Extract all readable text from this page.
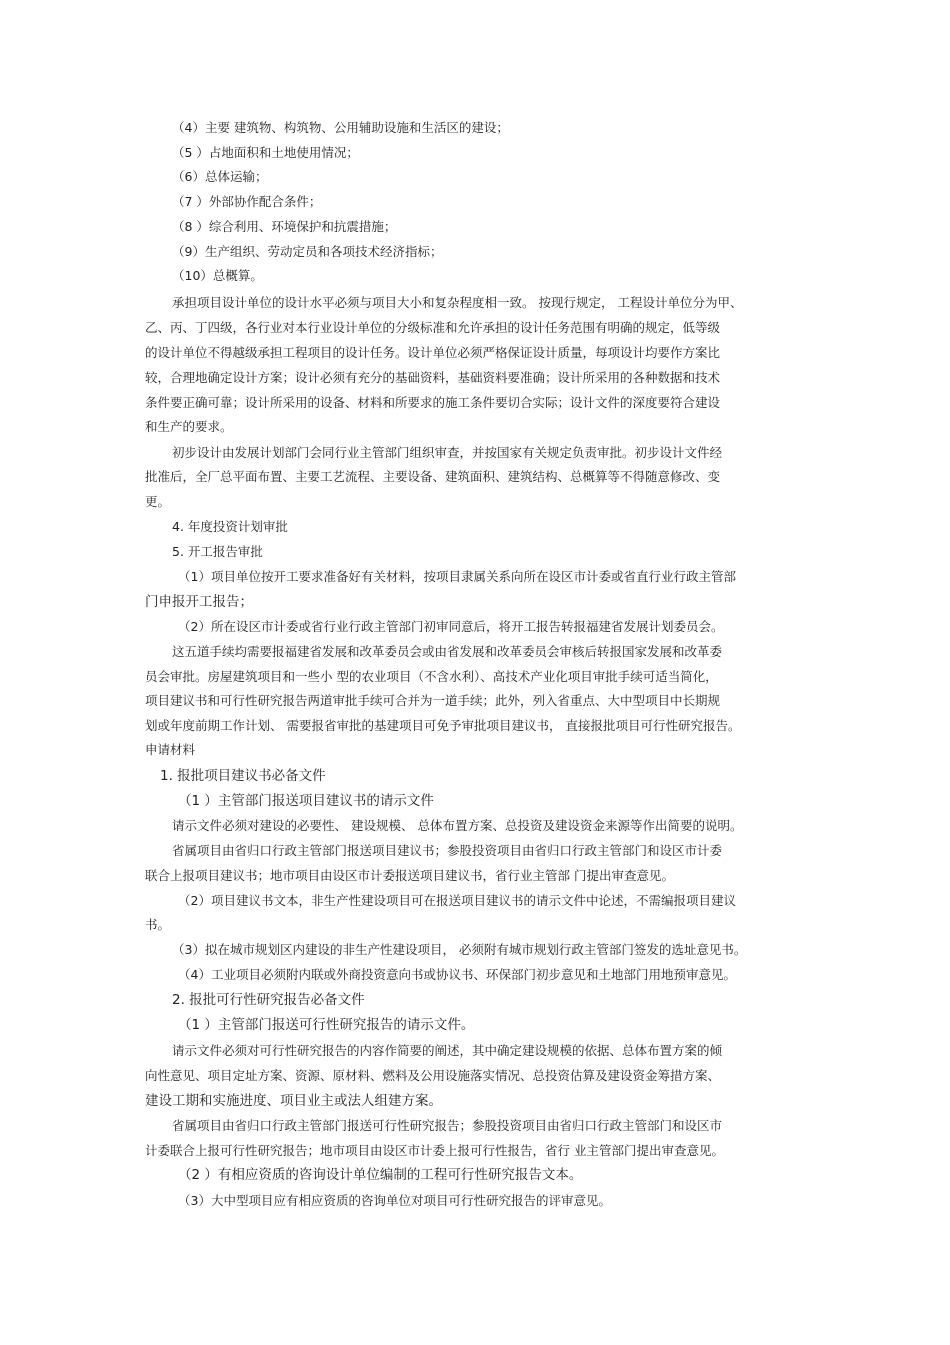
（4）主要 建筑物、构筑物、公用辅助设施和生活区的建设；
（5 ）占地面积和土地使用情况；
（6）总体运输；
（7 ）外部协作配合条件；
（8 ）综合利用、环境保护和抗震措施；
（9）生产组织、劳动定员和各项技术经济指标；
（10）总概算。
承担项目设计单位的设计水平必须与项目大小和复杂程度相一致。 按现行规定， 工程设计单位分为甲、
乙、丙、丁四级，各行业对本行业设计单位的分级标准和允许承担的设计任务范围有明确的规定，低等级
的设计单位不得越级承担工程项目的设计任务。设计单位必须严格保证设计质量，每项设计均要作方案比
较，合理地确定设计方案；设计必须有充分的基础资料，基础资料要准确；设计所采用的各种数据和技术
条件要正确可靠；设计所采用的设备、材料和所要求的施工条件要切合实际；设计文件的深度要符合建设
和生产的要求。
初步设计由发展计划部门会同行业主管部门组织审查，并按国家有关规定负责审批。初步设计文件经
批准后，全厂总平面布置、主要工艺流程、主要设备、建筑面积、建筑结构、总概算等不得随意修改、变
更。
4. 年度投资计划审批
5. 开工报告审批
（1）项目单位按开工要求准备好有关材料，按项目隶属关系向所在设区市计委或省直行业行政主管部
门申报开工报告；
（2）所在设区市计委或省行业行政主管部门初审同意后，将开工报告转报福建省发展计划委员会。
这五道手续均需要报福建省发展和改革委员会或由省发展和改革委员会审核后转报国家发展和改革委
员会审批。房屋建筑项目和一些小 型的农业项目（不含水利）、高技术产业化项目审批手续可适当简化，
项目建议书和可行性研究报告两道审批手续可合并为一道手续；此外，列入省重点、大中型项目中长期规
划或年度前期工作计划、 需要报省审批的基建项目可免予审批项目建议书， 直接报批项目可行性研究报告。
申请材料
1. 报批项目建议书必备文件
（1 ）主管部门报送项目建议书的请示文件
请示文件必须对建设的必要性、 建设规模、 总体布置方案、总投资及建设资金来源等作出简要的说明。
省属项目由省归口行政主管部门报送项目建议书；参股投资项目由省归口行政主管部门和设区市计委
联合上报项目建议书；地市项目由设区市计委报送项目建议书，省行业主管部 门提出审查意见。
（2）项目建议书文本，非生产性建设项目可在报送项目建议书的请示文件中论述，不需编报项目建议
书。
（3）拟在城市规划区内建设的非生产性建设项目， 必须附有城市规划行政主管部门签发的选址意见书。
（4）工业项目必须附内联或外商投资意向书或协议书、环保部门初步意见和土地部门用地预审意见。
2. 报批可行性研究报告必备文件
（1 ）主管部门报送可行性研究报告的请示文件。
请示文件必须对可行性研究报告的内容作简要的阐述，其中确定建设规模的依据、总体布置方案的倾
向性意见、项目定址方案、资源、原材料、燃料及公用设施落实情况、总投资估算及建设资金筹措方案、
建设工期和实施进度、项目业主或法人组建方案。
省属项目由省归口行政主管部门报送可行性研究报告；参股投资项目由省归口行政主管部门和设区市
计委联合上报可行性研究报告；地市项目由设区市计委上报可行性报告，省行 业主管部门提出审查意见。
（2 ）有相应资质的咨询设计单位编制的工程可行性研究报告文本。
（3）大中型项目应有相应资质的咨询单位对项目可行性研究报告的评审意见。
